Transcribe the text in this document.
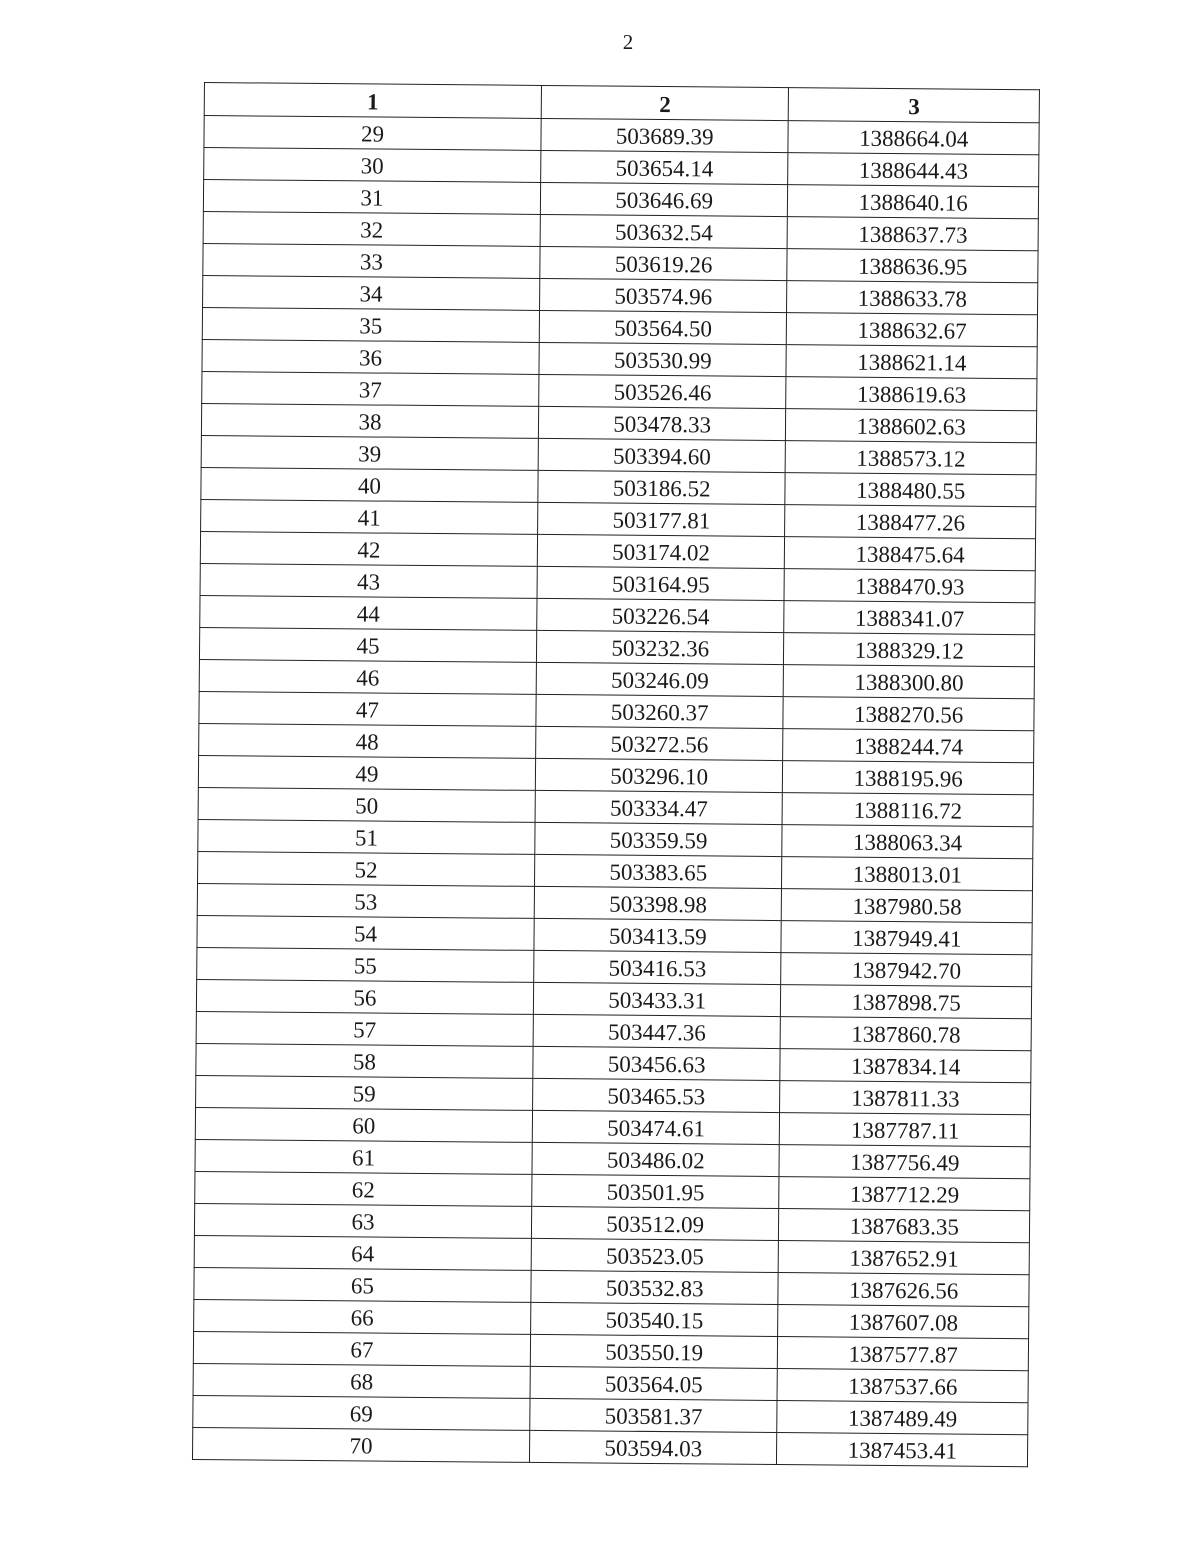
2
1	2	3
29	503689.39	1388664.04
30	503654.14	1388644.43
31	503646.69	1388640.16
32	503632.54	1388637.73
33	503619.26	1388636.95
34	503574.96	1388633.78
35	503564.50	1388632.67
36	503530.99	1388621.14
37	503526.46	1388619.63
38	503478.33	1388602.63
39	503394.60	1388573.12
40	503186.52	1388480.55
41	503177.81	1388477.26
42	503174.02	1388475.64
43	503164.95	1388470.93
44	503226.54	1388341.07
45	503232.36	1388329.12
46	503246.09	1388300.80
47	503260.37	1388270.56
48	503272.56	1388244.74
49	503296.10	1388195.96
50	503334.47	1388116.72
51	503359.59	1388063.34
52	503383.65	1388013.01
53	503398.98	1387980.58
54	503413.59	1387949.41
55	503416.53	1387942.70
56	503433.31	1387898.75
57	503447.36	1387860.78
58	503456.63	1387834.14
59	503465.53	1387811.33
60	503474.61	1387787.11
61	503486.02	1387756.49
62	503501.95	1387712.29
63	503512.09	1387683.35
64	503523.05	1387652.91
65	503532.83	1387626.56
66	503540.15	1387607.08
67	503550.19	1387577.87
68	503564.05	1387537.66
69	503581.37	1387489.49
70	503594.03	1387453.41
